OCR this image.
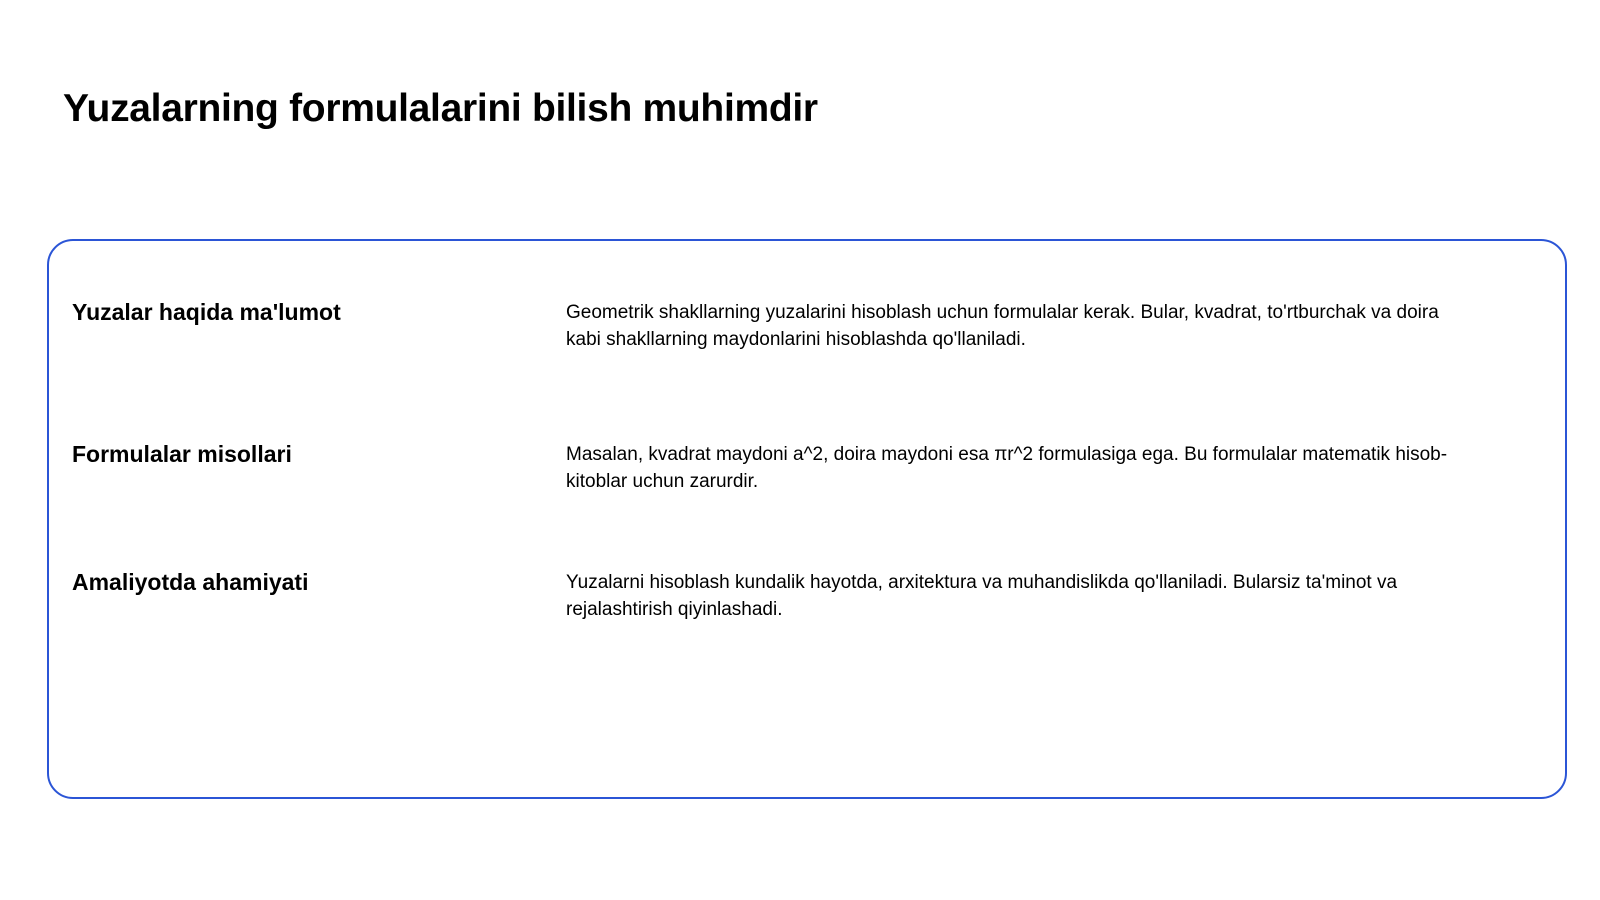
Yuzalarning formulalarini bilish muhimdir
Yuzalar haqida ma'lumot	Geometrik shakllarning yuzalarini hisoblash uchun formulalar kerak. Bular, kvadrat, to'rtburchak va doira kabi shakllarning maydonlarini hisoblashda qo'llaniladi.

Formulalar misollari	Masalan, kvadrat maydoni a^2, doira maydoni esa πr^2 formulasiga ega. Bu formulalar matematik hisob-kitoblar uchun zarurdir.

Amaliyotda ahamiyati	Yuzalarni hisoblash kundalik hayotda, arxitektura va muhandislikda qo'llaniladi. Bularsiz ta'minot va rejalashtirish qiyinlashadi.
